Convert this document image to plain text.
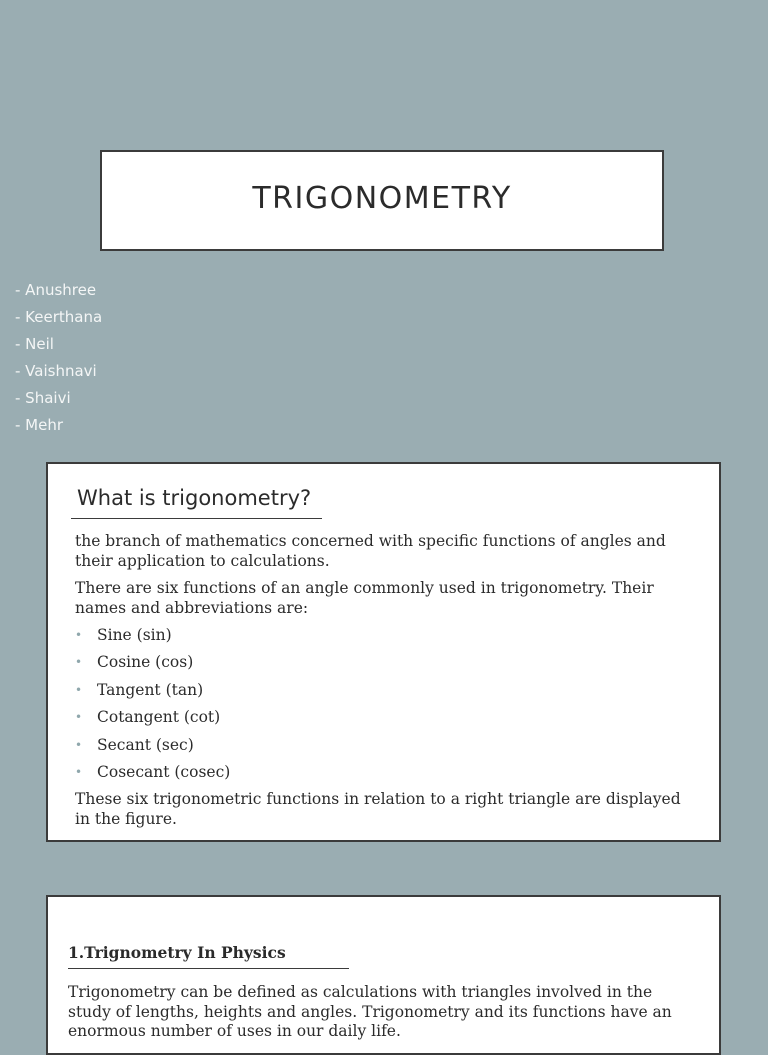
TRIGONOMETRY
- Anushree
- Keerthana
- Neil
- Vaishnavi
- Shaivi
- Mehr
What is trigonometry?

the branch of mathematics concerned with specific functions of angles and their application to calculations.

There are six functions of an angle commonly used in trigonometry. Their names and abbreviations are:

• Sine (sin)
• Cosine (cos)
• Tangent (tan)
• Cotangent (cot)
• Secant (sec)
• Cosecant (cosec)

These six trigonometric functions in relation to a right triangle are displayed in the figure.

1.Trignometry In Physics

Trigonometry can be defined as calculations with triangles involved in the study of lengths, heights and angles. Trigonometry and its functions have an enormous number of uses in our daily life.
